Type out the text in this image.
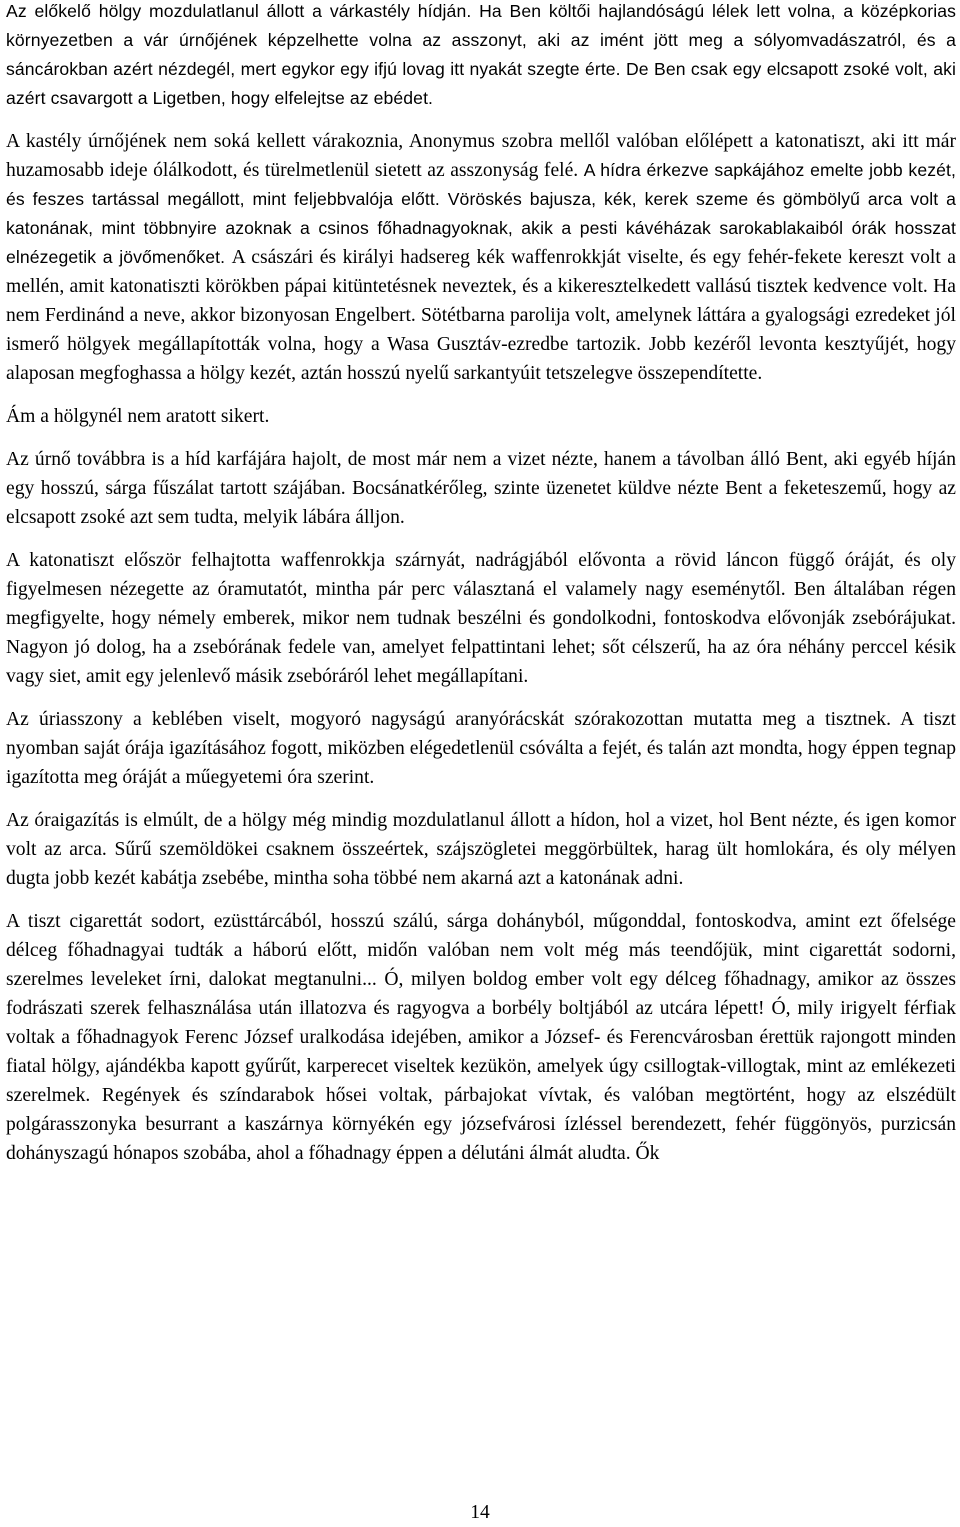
Az előkelő hölgy mozdulatlanul állott a várkastély hídján. Ha Ben költői hajlandóságú lélek lett volna, a középkorias környezetben a vár úrnőjének képzelhette volna az asszonyt, aki az imént jött meg a sólyomvadászatról, és a sáncárokban azért nézdegél, mert egykor egy ifjú lovag itt nyakát szegte érte. De Ben csak egy elcsapott zsoké volt, aki azért csavargott a Ligetben, hogy elfelejtse az ebédet.

A kastély úrnőjének nem soká kellett várakoznia, Anonymus szobra mellől valóban előlépett a katonatiszt, aki itt már huzamosabb ideje ólálkodott, és türelmetlenül sietett az asszonyság felé. A hídra érkezve sapkájához emelte jobb kezét, és feszes tartással megállott, mint feljebbvalója előtt. Vöröskés bajusza, kék, kerek szeme és gömbölyű arca volt a katonának, mint többnyire azoknak a csinos főhadnagyoknak, akik a pesti kávéházak sarokablakaiból órák hosszat elnézegetik a jövőmenőket. A császári és királyi hadsereg kék waffenrokkját viselte, és egy fehér-fekete kereszt volt a mellén, amit katonatiszti körökben pápai kitüntetésnek neveztek, és a kikeresztelkedett vallású tisztek kedvence volt. Ha nem Ferdinánd a neve, akkor bizonyosan Engelbert. Sötétbarna parolija volt, amelynek láttára a gyalogsági ezredeket jól ismerő hölgyek megállapították volna, hogy a Wasa Gusztáv-ezredbe tartozik. Jobb kezéről levonta kesztyűjét, hogy alaposan megfoghassa a hölgy kezét, aztán hosszú nyelű sarkantyúit tetszelegve összependítette.

Ám a hölgynél nem aratott sikert.

Az úrnő továbbra is a híd karfájára hajolt, de most már nem a vizet nézte, hanem a távolban álló Bent, aki egyéb híján egy hosszú, sárga fűszálat tartott szájában. Bocsánatkérőleg, szinte üzenetet küldve nézte Bent a feketeszemű, hogy az elcsapott zsoké azt sem tudta, melyik lábára álljon.

A katonatiszt először felhajtotta waffenrokkja szárnyát, nadrágjából elővonta a rövid láncon függő óráját, és oly figyelmesen nézegette az óramutatót, mintha pár perc választaná el valamely nagy eseménytől. Ben általában régen megfigyelte, hogy némely emberek, mikor nem tudnak beszélni és gondolkodni, fontoskodva elővonják zsebórájukat. Nagyon jó dolog, ha a zsebórának fedele van, amelyet felpattintani lehet; sőt célszerű, ha az óra néhány perccel késik vagy siet, amit egy jelenlevő másik zsebóráról lehet megállapítani.

Az úriasszony a keblében viselt, mogyoró nagyságú aranyórácskát szórakozottan mutatta meg a tisztnek. A tiszt nyomban saját órája igazításához fogott, miközben elégedetlenül csóválta a fejét, és talán azt mondta, hogy éppen tegnap igazította meg óráját a műegyetemi óra szerint.

Az óraigazítás is elmúlt, de a hölgy még mindig mozdulatlanul állott a hídon, hol a vizet, hol Bent nézte, és igen komor volt az arca. Sűrű szemöldökei csaknem összeértek, szájszögletei meggörbültek, harag ült homlokára, és oly mélyen dugta jobb kezét kabátja zsebébe, mintha soha többé nem akarná azt a katonának adni.

A tiszt cigarettát sodort, ezüsttárcából, hosszú szálú, sárga dohányból, műgonddal, fontoskodva, amint ezt őfelsége délceg főhadnagyai tudták a háború előtt, midőn valóban nem volt még más teendőjük, mint cigarettát sodorni, szerelmes leveleket írni, dalokat megtanulni... Ó, milyen boldog ember volt egy délceg főhadnagy, amikor az összes fodrászati szerek felhasználása után illatozva és ragyogva a borbély boltjából az utcára lépett! Ó, mily irigyelt férfiak voltak a főhadnagyok Ferenc József uralkodása idejében, amikor a József- és Ferencvárosban érettük rajongott minden fiatal hölgy, ajándékba kapott gyűrűt, karperecet viseltek kezükön, amelyek úgy csillogtak-villogtak, mint az emlékezeti szerelmek. Regények és színdarabok hősei voltak, párbajokat vívtak, és valóban megtörtént, hogy az elszédült polgárasszonyka besurrant a kaszárnya környékén egy józsefvárosi ízléssel berendezett, fehér függönyös, purzicsán dohányszagú hónapos szobába, ahol a főhadnagy éppen a délutáni álmát aludta. Ők

14
